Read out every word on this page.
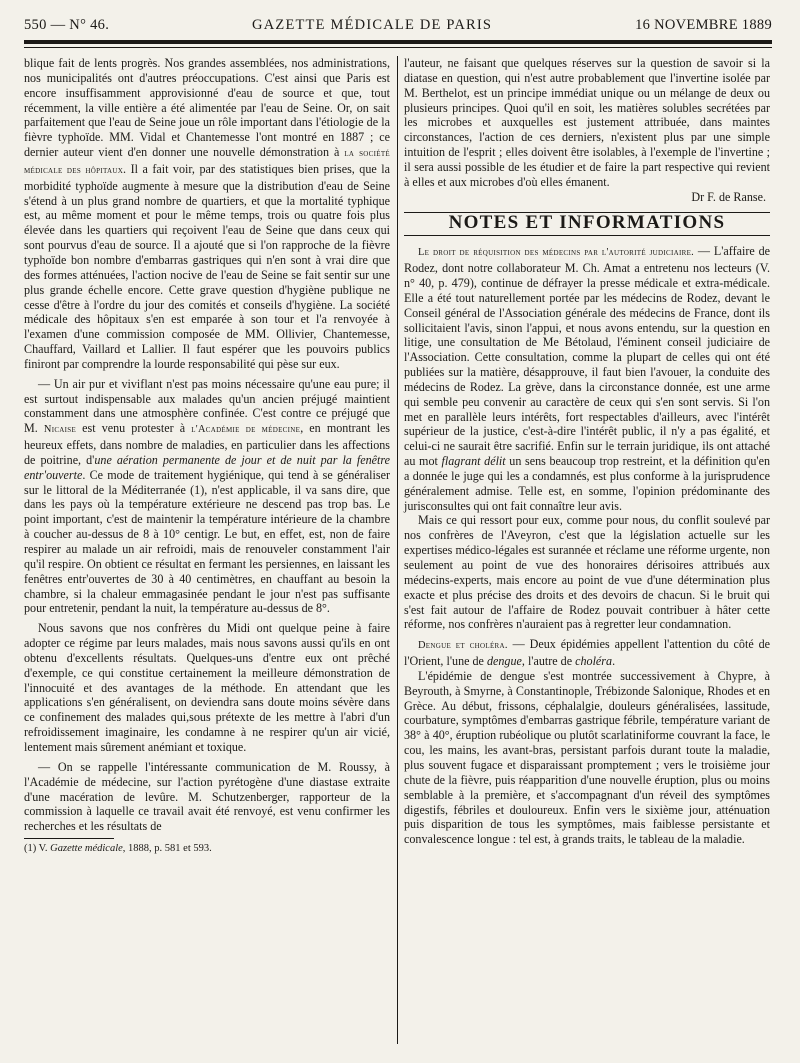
550 — N° 46.	GAZETTE MÉDICALE DE PARIS	16 NOVEMBRE 1889

blique fait de lents progrès. Nos grandes assemblées, nos administrations, nos municipalités ont d'autres préoccupations. C'est ainsi que Paris est encore insuffisamment approvisionné d'eau de source et que, tout récemment, la ville entière a été alimentée par l'eau de Seine. Or, on sait parfaitement que l'eau de Seine joue un rôle important dans l'étiologie de la fièvre typhoïde. MM. Vidal et Chantemesse l'ont montré en 1887 ; ce dernier auteur vient d'en donner une nouvelle démonstration à la société médicale des hôpitaux. Il a fait voir, par des statistiques bien prises, que la morbidité typhoïde augmente à mesure que la distribution d'eau de Seine s'étend à un plus grand nombre de quartiers, et que la mortalité typhique est, au même moment et pour le même temps, trois ou quatre fois plus élevée dans les quartiers qui reçoivent l'eau de Seine que dans ceux qui sont pourvus d'eau de source. Il a ajouté que si l'on rapproche de la fièvre typhoïde bon nombre d'embarras gastriques qui n'en sont à vrai dire que des formes atténuées, l'action nocive de l'eau de Seine se fait sentir sur une plus grande échelle encore. Cette grave question d'hygiène publique ne cesse d'être à l'ordre du jour des comités et conseils d'hygiène. La société médicale des hôpitaux s'en est emparée à son tour et l'a renvoyée à l'examen d'une commission composée de MM. Ollivier, Chantemesse, Chauffard, Vaillard et Lallier. Il faut espérer que les pouvoirs publics finiront par comprendre la lourde responsabilité qui pèse sur eux.

— Un air pur et viviflant n'est pas moins nécessaire qu'une eau pure; il est surtout indispensable aux malades qu'un ancien préjugé maintient constamment dans une atmosphère confinée. C'est contre ce préjugé que M. Nicaise est venu protester à l'Académie de médecine, en montrant les heureux effets, dans nombre de maladies, en particulier dans les affections de poitrine, d'une aération permanente de jour et de nuit par la fenêtre entr'ouverte. Ce mode de traitement hygiénique, qui tend à se généraliser sur le littoral de la Méditerranée (1), n'est applicable, il va sans dire, que dans les pays où la température extérieure ne descend pas trop bas. Le point important, c'est de maintenir la température intérieure de la chambre à coucher au-dessus de 8 à 10° centigr. Le but, en effet, est, non de faire respirer au malade un air refroidi, mais de renouveler constamment l'air qu'il respire. On obtient ce résultat en fermant les persiennes, en laissant les fenêtres entr'ouvertes de 30 à 40 centimètres, en chauffant au besoin la chambre, si la chaleur emmagasinée pendant le jour n'est pas suffisante pour entretenir, pendant la nuit, la température au-dessus de 8°.

Nous savons que nos confrères du Midi ont quelque peine à faire adopter ce régime par leurs malades, mais nous savons aussi qu'ils en ont obtenu d'excellents résultats. Quelques-uns d'entre eux ont prêché d'exemple, ce qui constitue certainement la meilleure démonstration de l'innocuité et des avantages de la méthode. En attendant que les applications s'en généralisent, on deviendra sans doute moins sévère dans ce confinement des malades qui,sous prétexte de les mettre à l'abri d'un refroidissement imaginaire, les condamne à ne respirer qu'un air vicié, lentement mais sûrement anémiant et toxique.

— On se rappelle l'intéressante communication de M. Roussy, à l'Académie de médecine, sur l'action pyrétogène d'une diastase extraite d'une macération de levûre. M. Schutzenberger, rapporteur de la commission à laquelle ce travail avait été renvoyé, est venu confirmer les recherches et les résultats de

(1) V. Gazette médicale, 1888, p. 581 et 593.

l'auteur, ne faisant que quelques réserves sur la question de savoir si la diatase en question, qui n'est autre probablement que l'invertine isolée par M. Berthelot, est un principe immédiat unique ou un mélange de deux ou plusieurs principes. Quoi qu'il en soit, les matières solubles secrétées par les microbes et auxquelles est justement attribuée, dans maintes circonstances, l'action de ces derniers, n'existent plus par une simple intuition de l'esprit ; elles doivent être isolables, à l'exemple de l'invertine ; il sera aussi possible de les étudier et de faire la part respective qui revient à elles et aux microbes d'où elles émanent.

Dr F. de Ranse.
NOTES ET INFORMATIONS

Le droit de réquisition des médecins par l'autorité judiciaire. — L'affaire de Rodez, dont notre collaborateur M. Ch. Amat a entretenu nos lecteurs (V. n° 40, p. 479), continue de défrayer la presse médicale et extra-médicale. Elle a été tout naturellement portée par les médecins de Rodez, devant le Conseil général de l'Association générale des médecins de France, dont ils sollicitaient l'avis, sinon l'appui, et nous avons entendu, sur la question en litige, une consultation de Me Bétolaud, l'éminent conseil judiciaire de l'Association. Cette consultation, comme la plupart de celles qui ont été publiées sur la matière, désapprouve, il faut bien l'avouer, la conduite des médecins de Rodez. La grève, dans la circonstance donnée, est une arme qui semble peu convenir au caractère de ceux qui s'en sont servis. Si l'on met en parallèle leurs intérêts, fort respectables d'ailleurs, avec l'intérêt supérieur de la justice, c'est-à-dire l'intérêt public, il n'y a pas égalité, et celui-ci ne saurait être sacrifié. Enfin sur le terrain juridique, ils ont attaché au mot flagrant délit un sens beaucoup trop restreint, et la définition qu'en a donnée le juge qui les a condamnés, est plus conforme à la jurisprudence généralement admise. Telle est, en somme, l'opinion prédominante des jurisconsultes qui ont fait connaître leur avis.

Mais ce qui ressort pour eux, comme pour nous, du conflit soulevé par nos confrères de l'Aveyron, c'est que la législation actuelle sur les expertises médico-légales est surannée et réclame une réforme urgente, non seulement au point de vue des honoraires dérisoires attribués aux médecins-experts, mais encore au point de vue d'une détermination plus exacte et plus précise des droits et des devoirs de chacun. Si le bruit qui s'est fait autour de l'affaire de Rodez pouvait contribuer à hâter cette réforme, nos confrères n'auraient pas à regretter leur condamnation.

Dengue et choléra. — Deux épidémies appellent l'attention du côté de l'Orient, l'une de dengue, l'autre de choléra.

L'épidémie de dengue s'est montrée successivement à Chypre, à Beyrouth, à Smyrne, à Constantinople, Trébizonde Salonique, Rhodes et en Grèce. Au début, frissons, céphalalgie, douleurs généralisées, lassitude, courbature, symptômes d'embarras gastrique fébrile, température variant de 38° à 40°, éruption rubéolique ou plutôt scarlatiniforme couvrant la face, le cou, les mains, les avant-bras, persistant parfois durant toute la maladie, plus souvent fugace et disparaissant promptement ; vers le troisième jour chute de la fièvre, puis réapparition d'une nouvelle éruption, plus ou moins semblable à la première, et s'accompagnant d'un réveil des symptômes digestifs, fébriles et douloureux. Enfin vers le sixième jour, atténuation puis disparition de tous les symptômes, mais faiblesse persistante et convalescence longue : tel est, à grands traits, le tableau de la maladie.
